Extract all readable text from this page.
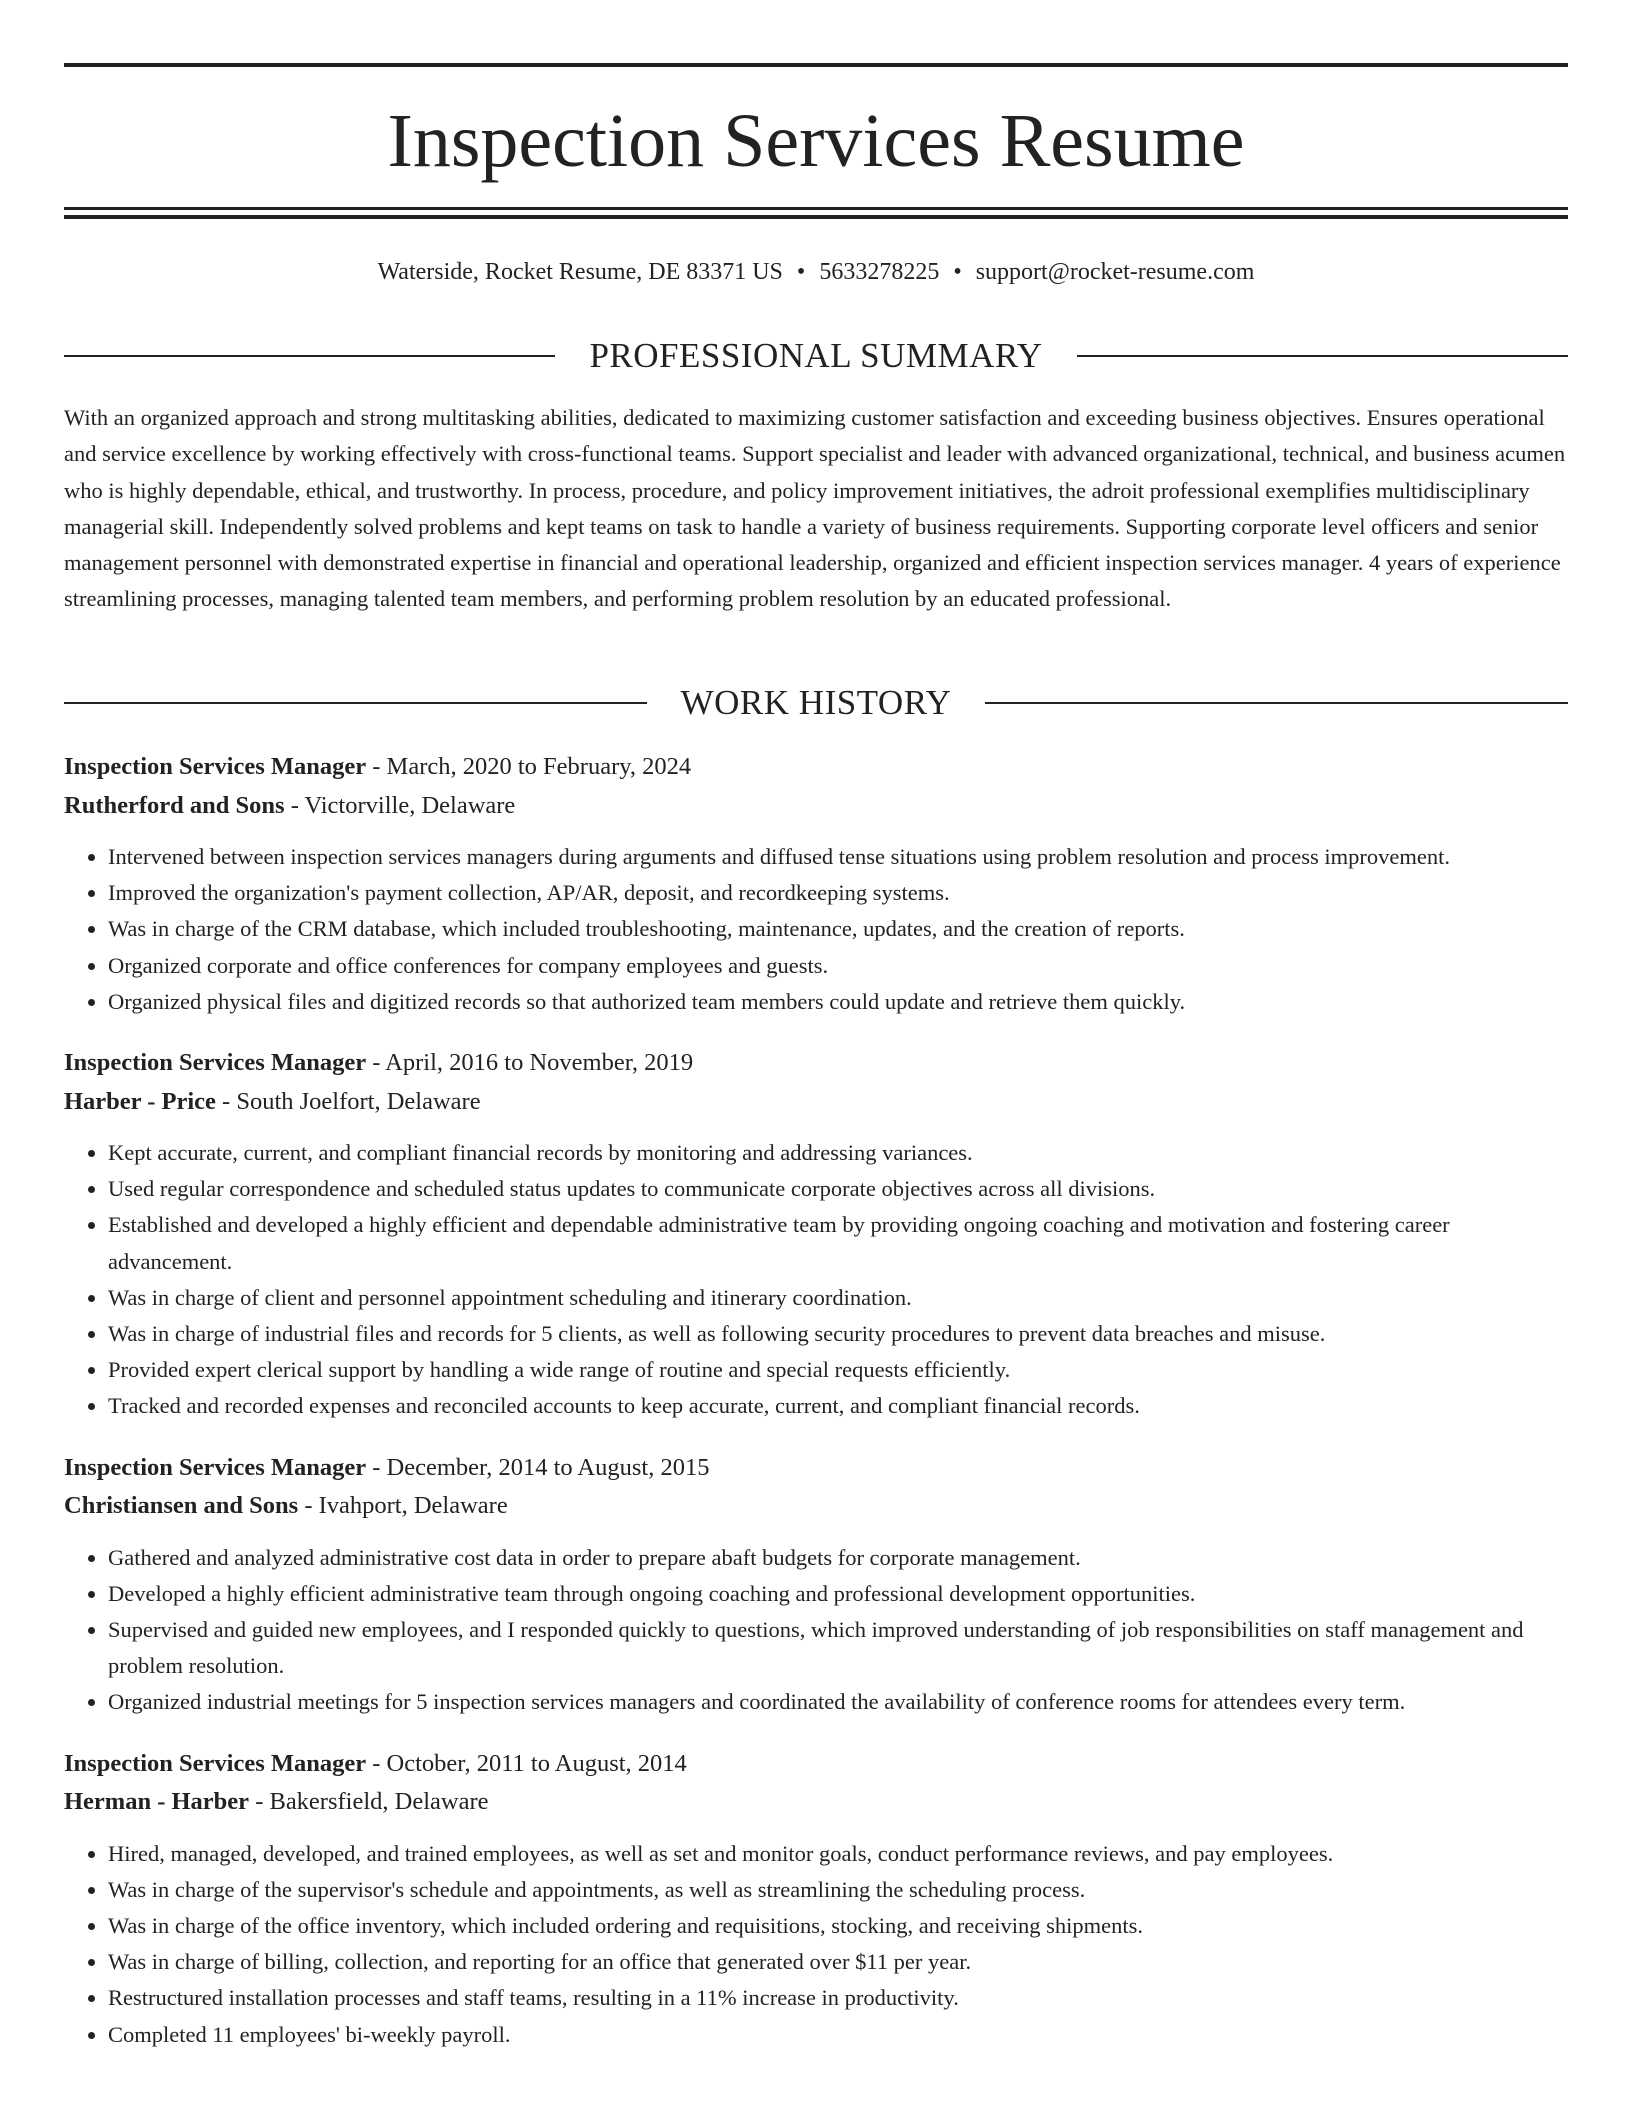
Inspection Services Resume
Waterside, Rocket Resume, DE 83371 US • 5633278225 • support@rocket-resume.com
PROFESSIONAL SUMMARY

With an organized approach and strong multitasking abilities, dedicated to maximizing customer satisfaction and exceeding business objectives. Ensures operational and service excellence by working effectively with cross-functional teams. Support specialist and leader with advanced organizational, technical, and business acumen who is highly dependable, ethical, and trustworthy. In process, procedure, and policy improvement initiatives, the adroit professional exemplifies multidisciplinary managerial skill. Independently solved problems and kept teams on task to handle a variety of business requirements. Supporting corporate level officers and senior management personnel with demonstrated expertise in financial and operational leadership, organized and efficient inspection services manager. 4 years of experience streamlining processes, managing talented team members, and performing problem resolution by an educated professional.

WORK HISTORY
Inspection Services Manager - March, 2020 to February, 2024
Rutherford and Sons - Victorville, Delaware
• Intervened between inspection services managers during arguments and diffused tense situations using problem resolution and process improvement.
• Improved the organization's payment collection, AP/AR, deposit, and recordkeeping systems.
• Was in charge of the CRM database, which included troubleshooting, maintenance, updates, and the creation of reports.
• Organized corporate and office conferences for company employees and guests.
• Organized physical files and digitized records so that authorized team members could update and retrieve them quickly.
Inspection Services Manager - April, 2016 to November, 2019
Harber - Price - South Joelfort, Delaware
• Kept accurate, current, and compliant financial records by monitoring and addressing variances.
• Used regular correspondence and scheduled status updates to communicate corporate objectives across all divisions.
• Established and developed a highly efficient and dependable administrative team by providing ongoing coaching and motivation and fostering career advancement.
• Was in charge of client and personnel appointment scheduling and itinerary coordination.
• Was in charge of industrial files and records for 5 clients, as well as following security procedures to prevent data breaches and misuse.
• Provided expert clerical support by handling a wide range of routine and special requests efficiently.
• Tracked and recorded expenses and reconciled accounts to keep accurate, current, and compliant financial records.
Inspection Services Manager - December, 2014 to August, 2015
Christiansen and Sons - Ivahport, Delaware
• Gathered and analyzed administrative cost data in order to prepare abaft budgets for corporate management.
• Developed a highly efficient administrative team through ongoing coaching and professional development opportunities.
• Supervised and guided new employees, and I responded quickly to questions, which improved understanding of job responsibilities on staff management and problem resolution.
• Organized industrial meetings for 5 inspection services managers and coordinated the availability of conference rooms for attendees every term.
Inspection Services Manager - October, 2011 to August, 2014
Herman - Harber - Bakersfield, Delaware
• Hired, managed, developed, and trained employees, as well as set and monitor goals, conduct performance reviews, and pay employees.
• Was in charge of the supervisor's schedule and appointments, as well as streamlining the scheduling process.
• Was in charge of the office inventory, which included ordering and requisitions, stocking, and receiving shipments.
• Was in charge of billing, collection, and reporting for an office that generated over $11 per year.
• Restructured installation processes and staff teams, resulting in a 11% increase in productivity.
• Completed 11 employees' bi-weekly payroll.
